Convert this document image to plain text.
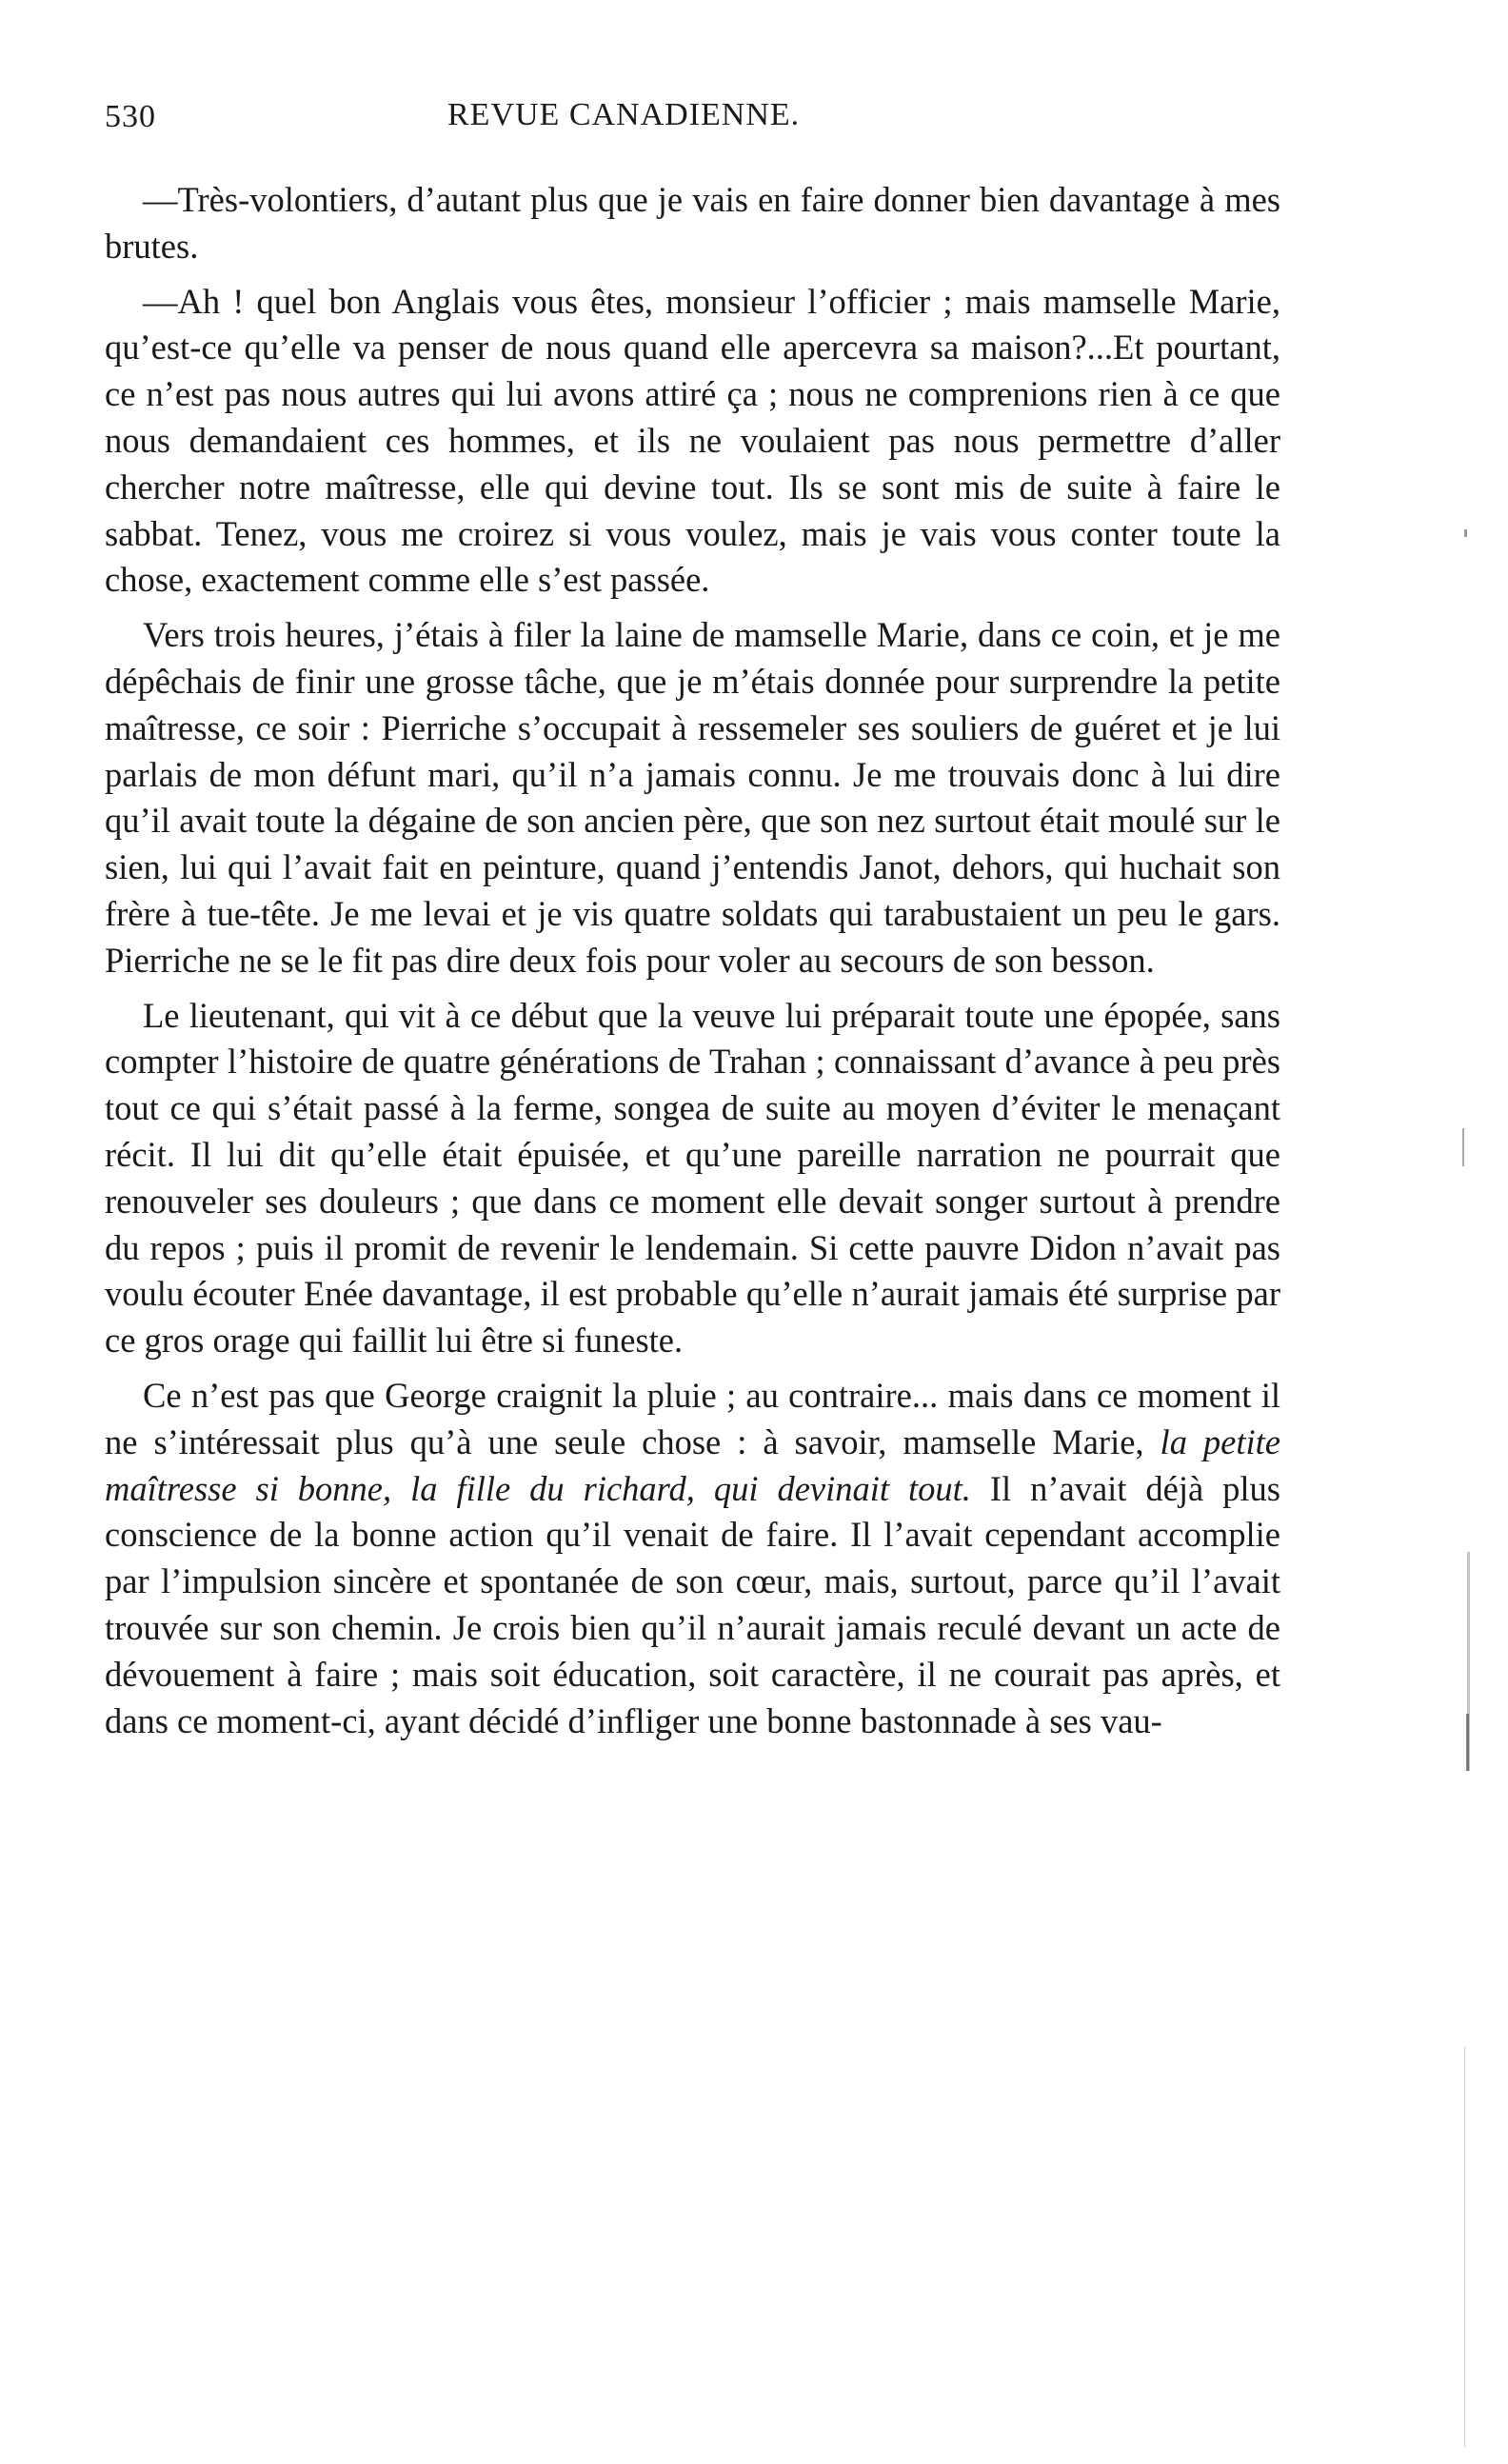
530	REVUE CANADIENNE.

—Très-volontiers, d’autant plus que je vais en faire donner bien davantage à mes brutes.

—Ah ! quel bon Anglais vous êtes, monsieur l’officier ; mais mamselle Marie, qu’est-ce qu’elle va penser de nous quand elle apercevra sa maison?...Et pourtant, ce n’est pas nous autres qui lui avons attiré ça ; nous ne comprenions rien à ce que nous demandaient ces hommes, et ils ne voulaient pas nous permettre d’aller chercher notre maîtresse, elle qui devine tout. Ils se sont mis de suite à faire le sabbat. Tenez, vous me croirez si vous voulez, mais je vais vous conter toute la chose, exactement comme elle s’est passée.

Vers trois heures, j’étais à filer la laine de mamselle Marie, dans ce coin, et je me dépêchais de finir une grosse tâche, que je m’étais donnée pour surprendre la petite maîtresse, ce soir : Pierriche s’occupait à ressemeler ses souliers de guéret et je lui parlais de mon défunt mari, qu’il n’a jamais connu. Je me trouvais donc à lui dire qu’il avait toute la dégaine de son ancien père, que son nez surtout était moulé sur le sien, lui qui l’avait fait en peinture, quand j’entendis Janot, dehors, qui huchait son frère à tue-tête. Je me levai et je vis quatre soldats qui tarabustaient un peu le gars. Pierriche ne se le fit pas dire deux fois pour voler au secours de son besson.

Le lieutenant, qui vit à ce début que la veuve lui préparait toute une épopée, sans compter l’histoire de quatre générations de Trahan ; connaissant d’avance à peu près tout ce qui s’était passé à la ferme, songea de suite au moyen d’éviter le menaçant récit. Il lui dit qu’elle était épuisée, et qu’une pareille narration ne pourrait que renouveler ses douleurs ; que dans ce moment elle devait songer surtout à prendre du repos ; puis il promit de revenir le lendemain. Si cette pauvre Didon n’avait pas voulu écouter Enée davantage, il est probable qu’elle n’aurait jamais été surprise par ce gros orage qui faillit lui être si funeste.

Ce n’est pas que George craignit la pluie ; au contraire... mais dans ce moment il ne s’intéressait plus qu’à une seule chose : à savoir, mamselle Marie, la petite maîtresse si bonne, la fille du richard, qui devinait tout. Il n’avait déjà plus conscience de la bonne action qu’il venait de faire. Il l’avait cependant accomplie par l’impulsion sincère et spontanée de son cœur, mais, surtout, parce qu’il l’avait trouvée sur son chemin. Je crois bien qu’il n’aurait jamais reculé devant un acte de dévouement à faire ; mais soit éducation, soit caractère, il ne courait pas après, et dans ce moment-ci, ayant décidé d’infliger une bonne bastonnade à ses vau-
